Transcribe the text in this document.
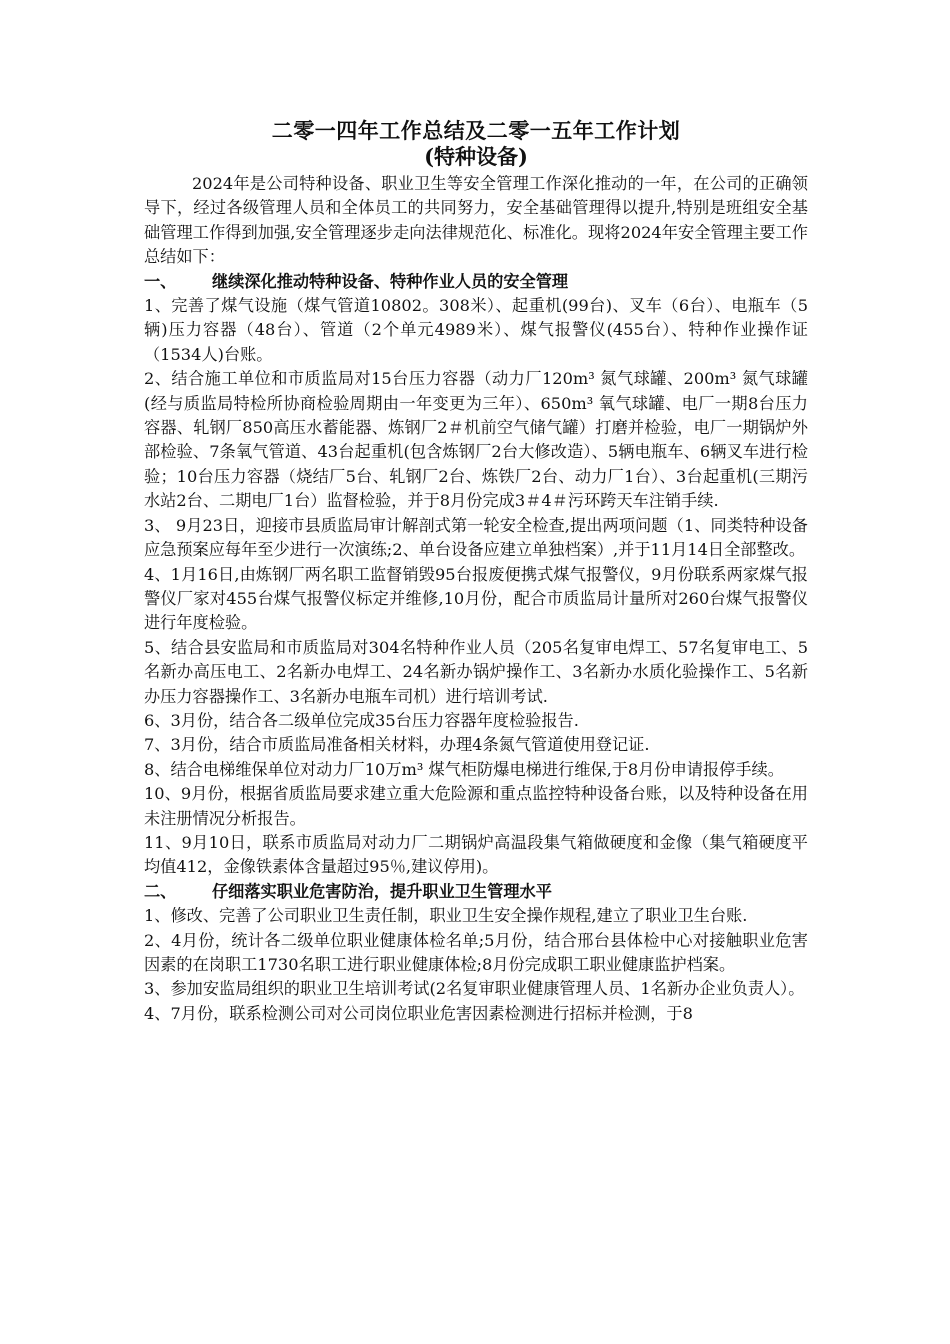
二零一四年工作总结及二零一五年工作计划
(特种设备)

2024年是公司特种设备、职业卫生等安全管理工作深化推动的一年，在公司的正确领导下，经过各级管理人员和全体员工的共同努力，安全基础管理得以提升,特别是班组安全基础管理工作得到加强,安全管理逐步走向法律规范化、标准化。现将2024年安全管理主要工作总结如下：

一、	继续深化推动特种设备、特种作业人员的安全管理

1、完善了煤气设施（煤气管道10802。308米）、起重机(99台)、叉车（6台）、电瓶车（5辆)压力容器（48台）、管道（2个单元4989米）、煤气报警仪(455台）、特种作业操作证（1534人)台账。

2、结合施工单位和市质监局对15台压力容器（动力厂120m³ 氮气球罐、200m³ 氮气球罐(经与质监局特检所协商检验周期由一年变更为三年）、650m³ 氧气球罐、电厂一期8台压力容器、轧钢厂850高压水蓄能器、炼钢厂2＃机前空气储气罐）打磨并检验，电厂一期锅炉外部检验、7条氧气管道、43台起重机(包含炼钢厂2台大修改造）、5辆电瓶车、6辆叉车进行检验；10台压力容器（烧结厂5台、轧钢厂2台、炼铁厂2台、动力厂1台）、3台起重机(三期污水站2台、二期电厂1台）监督检验，并于8月份完成3＃4＃污环跨天车注销手续.

3、 9月23日，迎接市县质监局审计解剖式第一轮安全检查,提出两项问题（1、同类特种设备应急预案应每年至少进行一次演练;2、单台设备应建立单独档案）,并于11月14日全部整改。

4、1月16日,由炼钢厂两名职工监督销毁95台报废便携式煤气报警仪，9月份联系两家煤气报警仪厂家对455台煤气报警仪标定并维修,10月份，配合市质监局计量所对260台煤气报警仪进行年度检验。

5、结合县安监局和市质监局对304名特种作业人员（205名复审电焊工、57名复审电工、5名新办高压电工、2名新办电焊工、24名新办锅炉操作工、3名新办水质化验操作工、5名新办压力容器操作工、3名新办电瓶车司机）进行培训考试.

6、3月份，结合各二级单位完成35台压力容器年度检验报告.

7、3月份，结合市质监局准备相关材料，办理4条氮气管道使用登记证.

8、结合电梯维保单位对动力厂10万m³ 煤气柜防爆电梯进行维保,于8月份申请报停手续。

10、9月份，根据省质监局要求建立重大危险源和重点监控特种设备台账，以及特种设备在用未注册情况分析报告。

11、9月10日，联系市质监局对动力厂二期锅炉高温段集气箱做硬度和金像（集气箱硬度平均值412，金像铁素体含量超过95％,建议停用)。

二、	仔细落实职业危害防治，提升职业卫生管理水平

1、修改、完善了公司职业卫生责任制，职业卫生安全操作规程,建立了职业卫生台账.

2、4月份，统计各二级单位职业健康体检名单;5月份，结合邢台县体检中心对接触职业危害因素的在岗职工1730名职工进行职业健康体检;8月份完成职工职业健康监护档案。

3、参加安监局组织的职业卫生培训考试(2名复审职业健康管理人员、1名新办企业负责人）。

4、7月份，联系检测公司对公司岗位职业危害因素检测进行招标并检测，于8
